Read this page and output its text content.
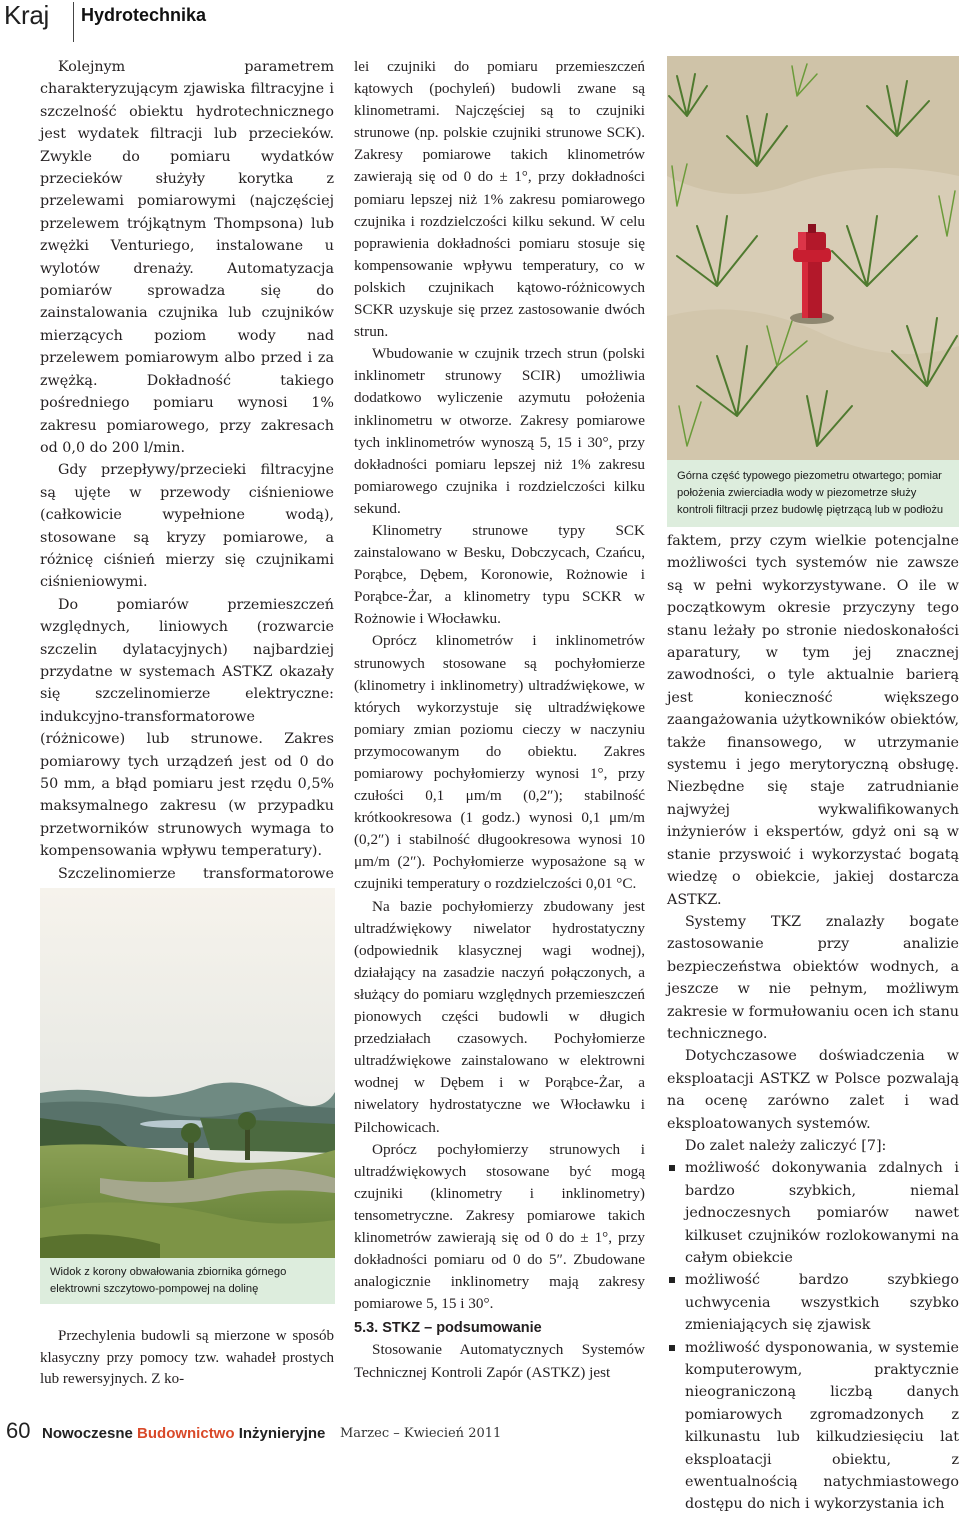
Kraj Hydrotechnika

Kolejnym parametrem charakteryzującym zjawiska filtracyjne i szczelność obiektu hydrotechnicznego jest wydatek filtracji lub przecieków. Zwykle do pomiaru wydatków przecieków służyły korytka z przelewami pomiarowymi (najczęściej przelewem trójkątnym Thompsona) lub zwężki Venturiego, instalowane u wylotów drenaży. Automatyzacja pomiarów sprowadza się do zainstalowania czujnika lub czujników mierzących poziom wody nad przelewem pomiarowym albo przed i za zwężką. Dokładność takiego pośredniego pomiaru wynosi 1% zakresu pomiarowego, przy zakresach od 0,0 do 200 l/min.

Gdy przepływy/przecieki filtracyjne są ujęte w przewody ciśnieniowe (całkowicie wypełnione wodą), stosowane są kryzy pomiarowe, a różnicę ciśnień mierzy się czujnikami ciśnieniowymi.

Do pomiarów przemieszczeń względnych, liniowych (rozwarcie szczelin dylatacyjnych) najbardziej przydatne w systemach ASTKZ okazały się szczelinomierze elektryczne: indukcyjno-transformatorowe (różnicowe) lub strunowe. Zakres pomiarowy tych urządzeń jest od 0 do 50 mm, a błąd pomiaru jest rzędu 0,5% maksymalnego zakresu (w przypadku przetworników strunowych wymaga to kompensowania wpływu temperatury).

Szczelinomierze transformatorowe

Widok z korony obwałowania zbiornika górnego elektrowni szczytowo-pompowej na dolinę

Przechylenia budowli są mierzone w sposób klasyczny przy pomocy tzw. wahadeł prostych lub rewersyjnych. Z ko-

lei czujniki do pomiaru przemieszczeń kątowych (pochyleń) budowli zwane są klinometrami. Najczęściej są to czujniki strunowe (np. polskie czujniki strunowe SCK). Zakresy pomiarowe takich klinometrów zawierają się od 0 do ± 1°, przy dokładności pomiaru lepszej niż 1% zakresu pomiarowego czujnika i rozdzielczości kilku sekund. W celu poprawienia dokładności pomiaru stosuje się kompensowanie wpływu temperatury, co w polskich czujnikach kątowo-różnicowych SCKR uzyskuje się przez zastosowanie dwóch strun.

Wbudowanie w czujnik trzech strun (polski inklinometr strunowy SCIR) umożliwia dodatkowo wyliczenie azymutu położenia inklinometru w otworze. Zakresy pomiarowe tych inklinometrów wynoszą 5, 15 i 30°, przy dokładności pomiaru lepszej niż 1% zakresu pomiarowego czujnika i rozdzielczości kilku sekund.

Klinometry strunowe typy SCK zainstalowano w Besku, Dobczycach, Czańcu, Porąbce, Dębem, Koronowie, Rożnowie i Porąbce-Żar, a klinometry typu SCKR w Rożnowie i Włocławku.

Oprócz klinometrów i inklinometrów strunowych stosowane są pochyłomierze (klinometry i inklinometry) ultradźwiękowe, w których wykorzystuje się ultradźwiękowe pomiary zmian poziomu cieczy w naczyniu przymocowanym do obiektu. Zakres pomiarowy pochyłomierzy wynosi 1°, przy czułości 0,1 μm/m (0,2″); stabilność krótkookresowa (1 godz.) wynosi 0,1 μm/m (0,2″) i stabilność długookresowa wynosi 10 μm/m (2″). Pochyłomierze wyposażone są w czujniki temperatury o rozdzielczości 0,01 °C.

Na bazie pochyłomierzy zbudowany jest ultradźwiękowy niwelator hydrostatyczny (odpowiednik klasycznej wagi wodnej), działający na zasadzie naczyń połączonych, a służący do pomiaru względnych przemieszczeń pionowych części budowli w długich przedziałach czasowych. Pochyłomierze ultradźwiękowe zainstalowano w elektrowni wodnej w Dębem i w Porąbce-Żar, a niwelatory hydrostatyczne we Włocławku i Pilchowicach.

Oprócz pochyłomierzy strunowych i ultradźwiękowych stosowane być mogą czujniki (klinometry i inklinometry) tensometryczne. Zakresy pomiarowe takich klinometrów zawierają się od 0 do ± 1°, przy dokładności pomiaru od 0 do 5″. Zbudowane analogicznie inklinometry mają zakresy pomiarowe 5, 15 i 30°.

5.3. STKZ – podsumowanie

Stosowanie Automatycznych Systemów Technicznej Kontroli Zapór (ASTKZ) jest

Górna część typowego piezometru otwartego; pomiar położenia zwierciadła wody w piezometrze służy kontroli filtracji przez budowlę piętrzącą lub w podłożu

faktem, przy czym wielkie potencjalne możliwości tych systemów nie zawsze są w pełni wykorzystywane. O ile w początkowym okresie przyczyny tego stanu leżały po stronie niedoskonałości aparatury, w tym jej znacznej zawodności, o tyle aktualnie barierą jest konieczność większego zaangażowania użytkowników obiektów, także finansowego, w utrzymanie systemu i jego merytoryczną obsługę. Niezbędne się staje zatrudnianie najwyżej wykwalifikowanych inżynierów i ekspertów, gdyż oni są w stanie przyswoić i wykorzystać bogatą wiedzę o obiekcie, jakiej dostarcza ASTKZ.

Systemy TKZ znalazły bogate zastosowanie przy analizie bezpieczeństwa obiektów wodnych, a jeszcze w nie pełnym, możliwym zakresie w formułowaniu ocen ich stanu technicznego.

Dotychczasowe doświadczenia w eksploatacji ASTKZ w Polsce pozwalają na ocenę zarówno zalet i wad eksploatowanych systemów.

Do zalet należy zaliczyć [7]:

możliwość dokonywania zdalnych i bardzo szybkich, niemal jednoczesnych pomiarów nawet kilkuset czujników rozlokowanymi na całym obiekcie
możliwość bardzo szybkiego uchwycenia wszystkich szybko zmieniających się zjawisk
możliwość dysponowania, w systemie komputerowym, praktycznie nieograniczoną liczbą danych pomiarowych zgromadzonych z kilkunastu lub kilkudziesięciu lat eksploatacji obiektu, z ewentualnością natychmiastowego dostępu do nich i wykorzystania ich
60 Nowoczesne Budownictwo Inżynieryjne Marzec – Kwiecień 2011
